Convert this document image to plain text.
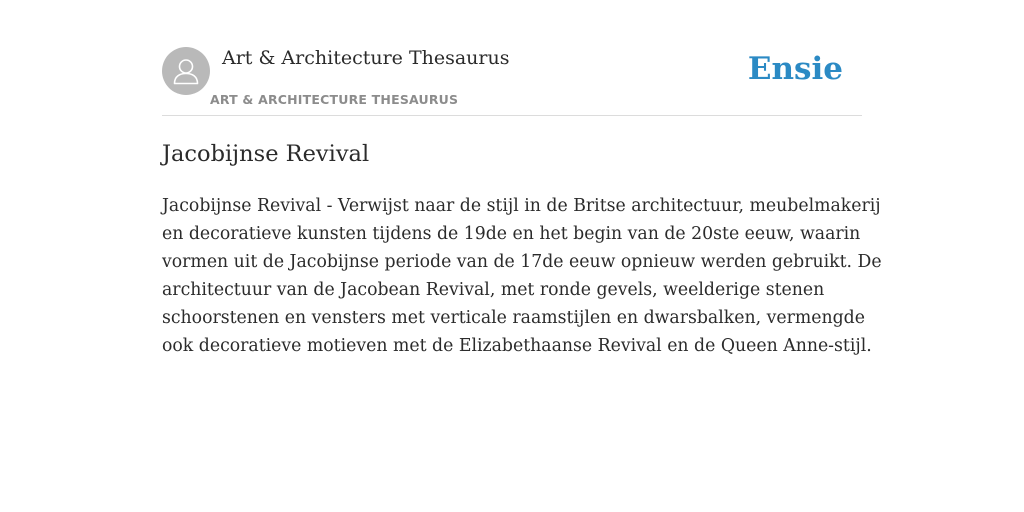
Art & Architecture Thesaurus
ART & ARCHITECTURE THESAURUS
Ensie
Jacobijnse Revival

Jacobijnse Revival - Verwijst naar de stijl in de Britse architectuur, meubelmakerij
en decoratieve kunsten tijdens de 19de en het begin van de 20ste eeuw, waarin
vormen uit de Jacobijnse periode van de 17de eeuw opnieuw werden gebruikt. De
architectuur van de Jacobean Revival, met ronde gevels, weelderige stenen
schoorstenen en vensters met verticale raamstijlen en dwarsbalken, vermengde
ook decoratieve motieven met de Elizabethaanse Revival en de Queen Anne-stijl.
